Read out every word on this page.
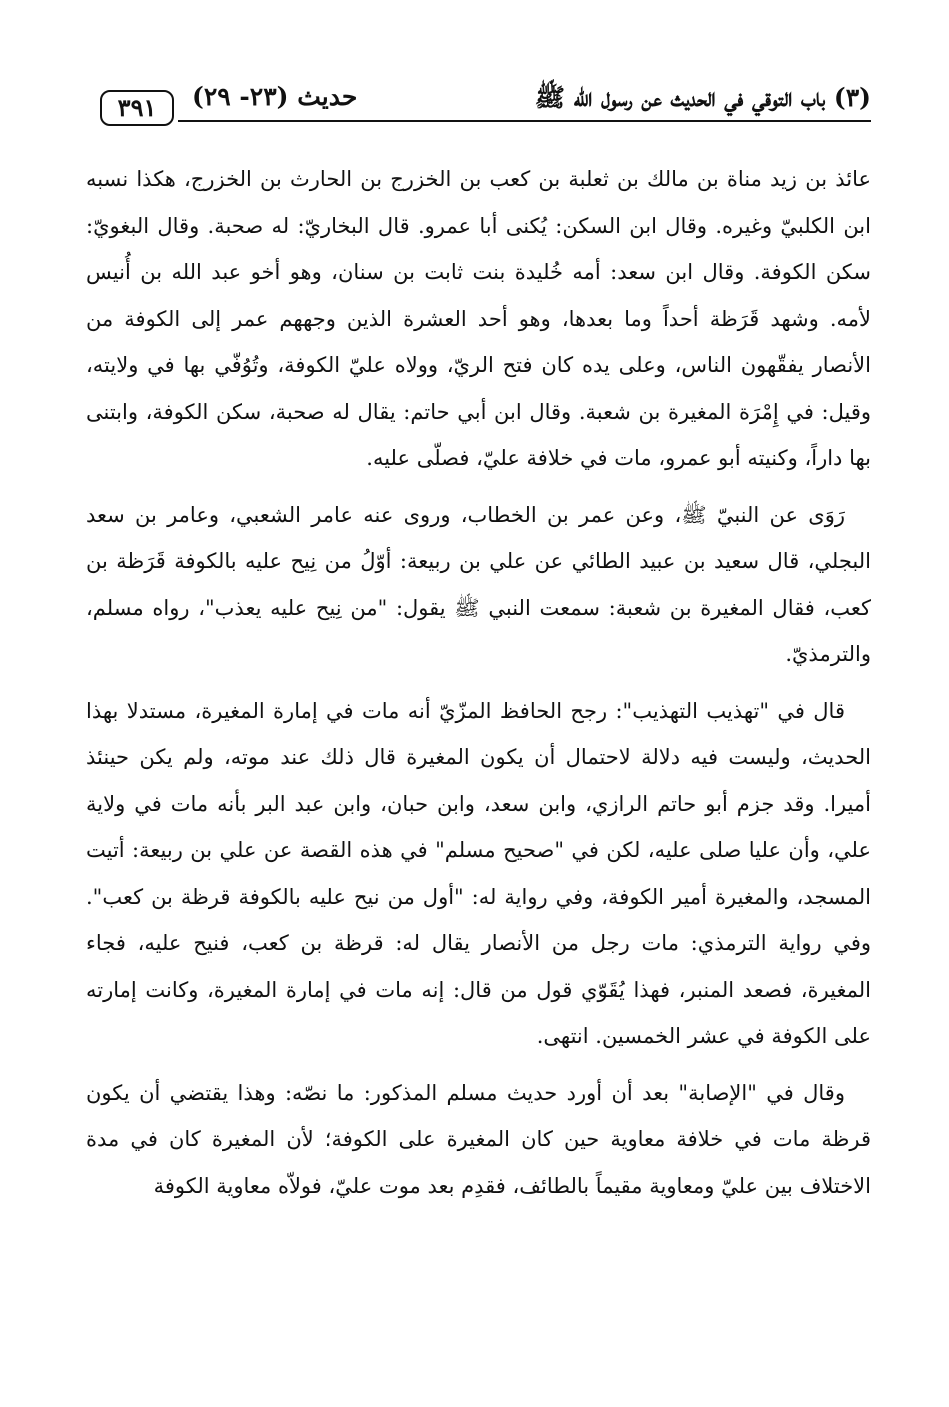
(٣) باب التوقي في الحديث عن رسول الله ﷺ
حديث (٢٣- ٢٩)
٣٩١

عائذ بن زيد مناة بن مالك بن ثعلبة بن كعب بن الخزرج بن الحارث بن الخزرج، هكذا نسبه ابن الكلبيّ وغيره. وقال ابن السكن: يُكنى أبا عمرو. قال البخاريّ: له صحبة. وقال البغويّ: سكن الكوفة. وقال ابن سعد: أمه خُليدة بنت ثابت بن سنان، وهو أخو عبد الله بن أُنيس لأمه. وشهد قَرَظة أحداً وما بعدها، وهو أحد العشرة الذين وجههم عمر إلى الكوفة من الأنصار يفقّهون الناس، وعلى يده كان فتح الريّ، وولاه عليّ الكوفة، وتُوُفّي بها في ولايته، وقيل: في إِمْرَة المغيرة بن شعبة. وقال ابن أبي حاتم: يقال له صحبة، سكن الكوفة، وابتنى بها داراً، وكنيته أبو عمرو، مات في خلافة عليّ، فصلّى عليه.

رَوَى عن النبيّ ﷺ، وعن عمر بن الخطاب، وروى عنه عامر الشعبي، وعامر بن سعد البجلي، قال سعيد بن عبيد الطائي عن علي بن ربيعة: أوّلُ من نِيح عليه بالكوفة قَرَظة بن كعب، فقال المغيرة بن شعبة: سمعت النبي ﷺ يقول: "من نِيح عليه يعذب"، رواه مسلم، والترمذيّ.

قال في "تهذيب التهذيب": رجح الحافظ المزّيّ أنه مات في إمارة المغيرة، مستدلا بهذا الحديث، وليست فيه دلالة لاحتمال أن يكون المغيرة قال ذلك عند موته، ولم يكن حينئذ أميرا. وقد جزم أبو حاتم الرازي، وابن سعد، وابن حبان، وابن عبد البر بأنه مات في ولاية علي، وأن عليا صلى عليه، لكن في "صحيح مسلم" في هذه القصة عن علي بن ربيعة: أتيت المسجد، والمغيرة أمير الكوفة، وفي رواية له: "أول من نيح عليه بالكوفة قرظة بن كعب". وفي رواية الترمذي: مات رجل من الأنصار يقال له: قرظة بن كعب، فنيح عليه، فجاء المغيرة، فصعد المنبر، فهذا يُقَوّي قول من قال: إنه مات في إمارة المغيرة، وكانت إمارته على الكوفة في عشر الخمسين. انتهى.

وقال في "الإصابة" بعد أن أورد حديث مسلم المذكور: ما نصّه: وهذا يقتضي أن يكون قرظة مات في خلافة معاوية حين كان المغيرة على الكوفة؛ لأن المغيرة كان في مدة الاختلاف بين عليّ ومعاوية مقيماً بالطائف، فقدِم بعد موت عليّ، فولاّه معاوية الكوفة
